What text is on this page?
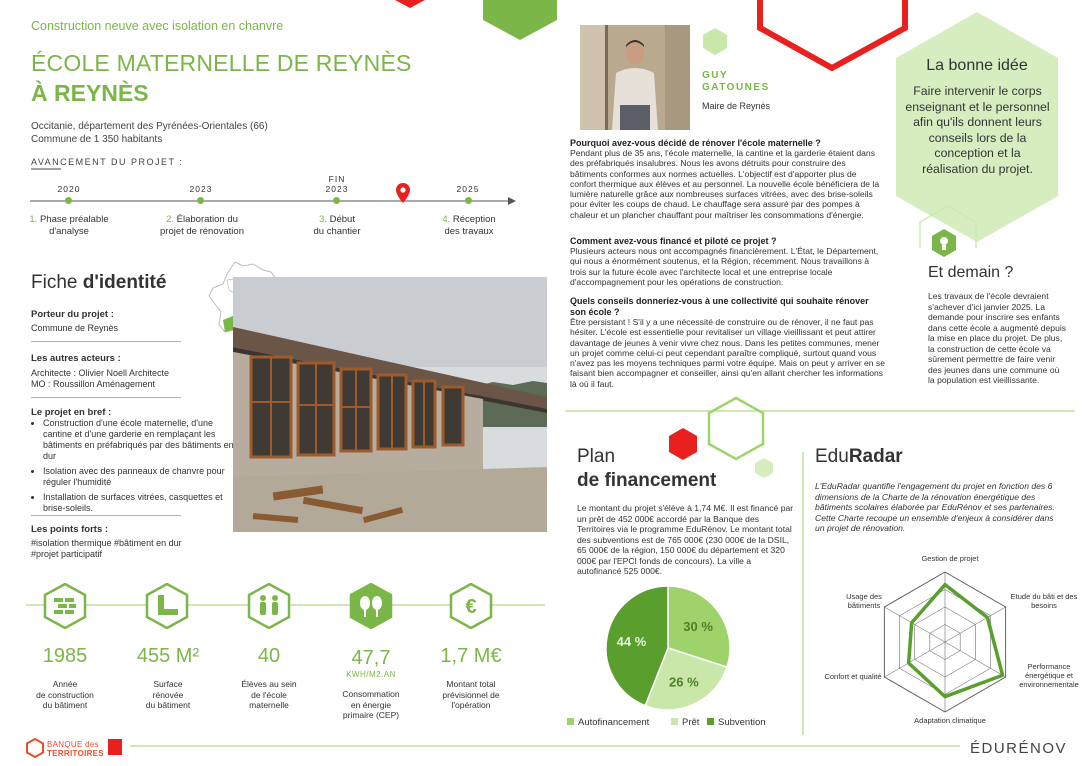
Construction neuve avec isolation en chanvre
ÉCOLE MATERNELLE DE REYNÈS
À REYNÈS
Occitanie, département des Pyrénées-Orientales (66)
Commune de 1 350 habitants
AVANCEMENT DU PROJET :
2020	2023
FIN
2023	2025
1. Phase préalable
d'analyse
2. Élaboration du
projet de rénovation
3. Début
du chantier
4. Réception
des travaux
Fiche d'identité
Porteur du projet :
Commune de Reynès
Les autres acteurs :
Architecte : Olivier Noell Architecte
MO : Roussillon Aménagement
Le projet en bref :
• Construction d'une école maternelle, d'une cantine et d'une garderie en remplaçant les bâtiments en préfabriqués par des bâtiments en dur
• Isolation avec des panneaux de chanvre pour réguler l'humidité
• Installation de surfaces vitrées, casquettes et brise-soleils.
Les points forts :
#isolation thermique #bâtiment en dur
#projet participatif
€
1985	455 M²	40	47,7
KWH/M2.AN
1,7 M€
Année
de construction
du bâtiment
Surface
rénovée
du bâtiment
Élèves au sein
de l'école
maternelle
Consommation
en énergie
primaire (CEP)
Montant total
prévisionnel de
l'opération
GUY
GATOUNES
Maire de Reynès
Pourquoi avez-vous décidé de rénover l'école maternelle ?
Pendant plus de 35 ans, l'école maternelle, la cantine et la garderie étaient dans des préfabriqués insalubres. Nous les avons détruits pour construire des bâtiments conformes aux normes actuelles. L'objectif est d'apporter plus de confort thermique aux élèves et au personnel. La nouvelle école bénéficiera de la lumière naturelle grâce aux nombreuses surfaces vitrées, avec des brise-soleils pour éviter les coups de chaud. Le chauffage sera assuré par des pompes à chaleur et un plancher chauffant pour maîtriser les consommations d'énergie.
Comment avez-vous financé et piloté ce projet ?
Plusieurs acteurs nous ont accompagnés financièrement. L'État, le Département, qui nous a énormément soutenus, et la Région, récemment. Nous travaillons à trois sur la future école avec l'architecte local et une entreprise locale d'accompagnement pour les opérations de construction.
Quels conseils donneriez-vous à une collectivité qui souhaite rénover son école ?
Être persistant ! S'il y a une nécessité de construire ou de rénover, il ne faut pas hésiter. L'école est essentielle pour revitaliser un village vieillissant et peut attirer davantage de jeunes à venir vivre chez nous. Dans les petites communes, mener un projet comme celui-ci peut cependant paraître compliqué, surtout quand vous n'avez pas les moyens techniques parmi votre équipe. Mais on peut y arriver en se faisant bien accompagner et conseiller, ainsi qu'en allant chercher les informations là où il faut.
La bonne idée
Faire intervenir le corps enseignant et le personnel afin qu'ils donnent leurs conseils lors de la conception et la réalisation du projet.
Et demain ?
Les travaux de l'école devraient s'achever d'ici janvier 2025. La demande pour inscrire ses enfants dans cette école a augmenté depuis la mise en place du projet. De plus, la construction de cette école va sûrement permettre de faire venir des jeunes dans une commune où la population est vieillissante.
Plan
de financement
Le montant du projet s'élève à 1,74 M€. Il est financé par un prêt de 452 000€ accordé par la Banque des Territoires via le programme EduRénov. Le montant total des subventions est de 765 000€ (230 000€ de la DSIL, 65 000€ de la région, 150 000€ du département et 320 000€ par l'EPCI fonds de concours). La ville a autofinancé 525 000€.
30 %
26 %
44 %
Autofinancement	Prêt	Subvention
EduRadar
L'EduRadar quantifie l'engagement du projet en fonction des 6 dimensions de la Charte de la rénovation énergétique des bâtiments scolaires élaborée par EduRénov et ses partenaires. Cette Charte recoupe un ensemble d'enjeux à considérer dans un projet de rénovation.
Gestion de projet
Etude du bâti et des besoins
Performance énergétique et environnementale
Adaptation climatique
Confort et qualité
Usage des bâtiments
BANQUE des
TERRITOIRES	ÉDURÉNOV
